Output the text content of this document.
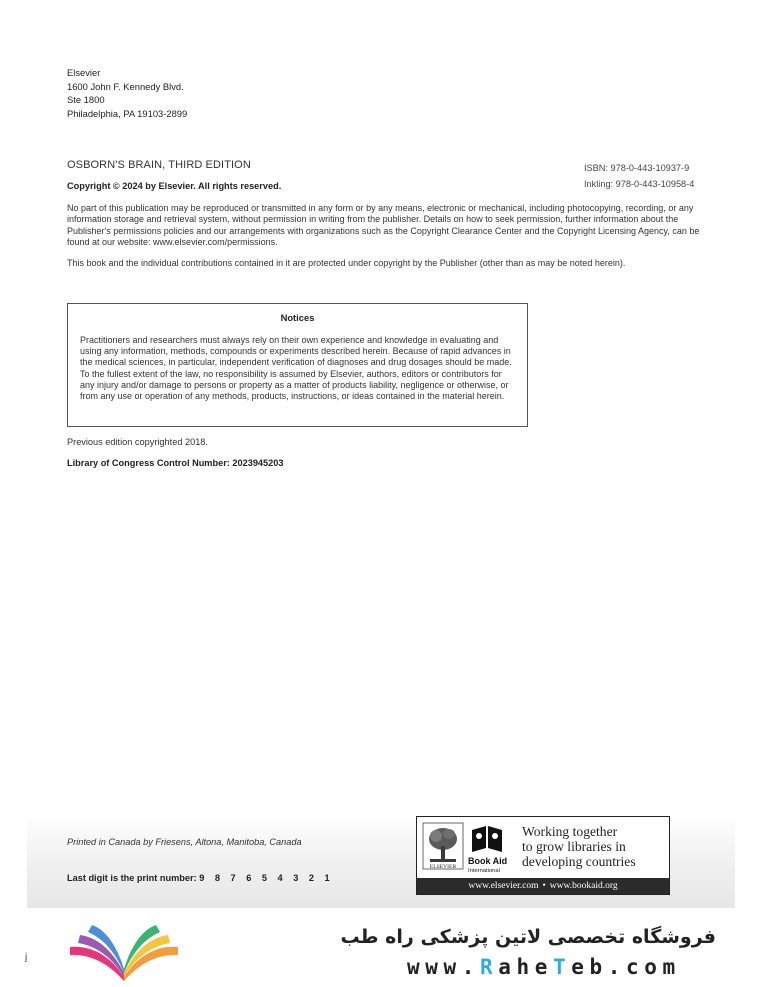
Elsevier
1600 John F. Kennedy Blvd.
Ste 1800
Philadelphia, PA 19103-2899
OSBORN'S BRAIN, THIRD EDITION	ISBN: 978-0-443-10937-9
Inkling: 978-0-443-10958-4
Copyright © 2024 by Elsevier. All rights reserved.
No part of this publication may be reproduced or transmitted in any form or by any means, electronic or mechanical, including photocopying, recording, or any information storage and retrieval system, without permission in writing from the publisher. Details on how to seek permission, further information about the Publisher's permissions policies and our arrangements with organizations such as the Copyright Clearance Center and the Copyright Licensing Agency, can be found at our website: www.elsevier.com/permissions.
This book and the individual contributions contained in it are protected under copyright by the Publisher (other than as may be noted herein).
Notices
Practitioners and researchers must always rely on their own experience and knowledge in evaluating and using any information, methods, compounds or experiments described herein. Because of rapid advances in the medical sciences, in particular, independent verification of diagnoses and drug dosages should be made. To the fullest extent of the law, no responsibility is assumed by Elsevier, authors, editors or contributors for any injury and/or damage to persons or property as a matter of products liability, negligence or otherwise, or from any use or operation of any methods, products, instructions, or ideas contained in the material herein.
Previous edition copyrighted 2018.
Library of Congress Control Number: 2023945203
Printed in Canada by Friesens, Altona, Manitoba, Canada
Last digit is the print number: 9 8 7 6 5 4 3 2 1
ELSEVIER
Book Aid
International
Working together
to grow libraries in
developing countries
www.elsevier.com • www.bookaid.org
j
فروشگاه تخصصی لاتین پزشکی راه طب
www.RaheTeb.com
